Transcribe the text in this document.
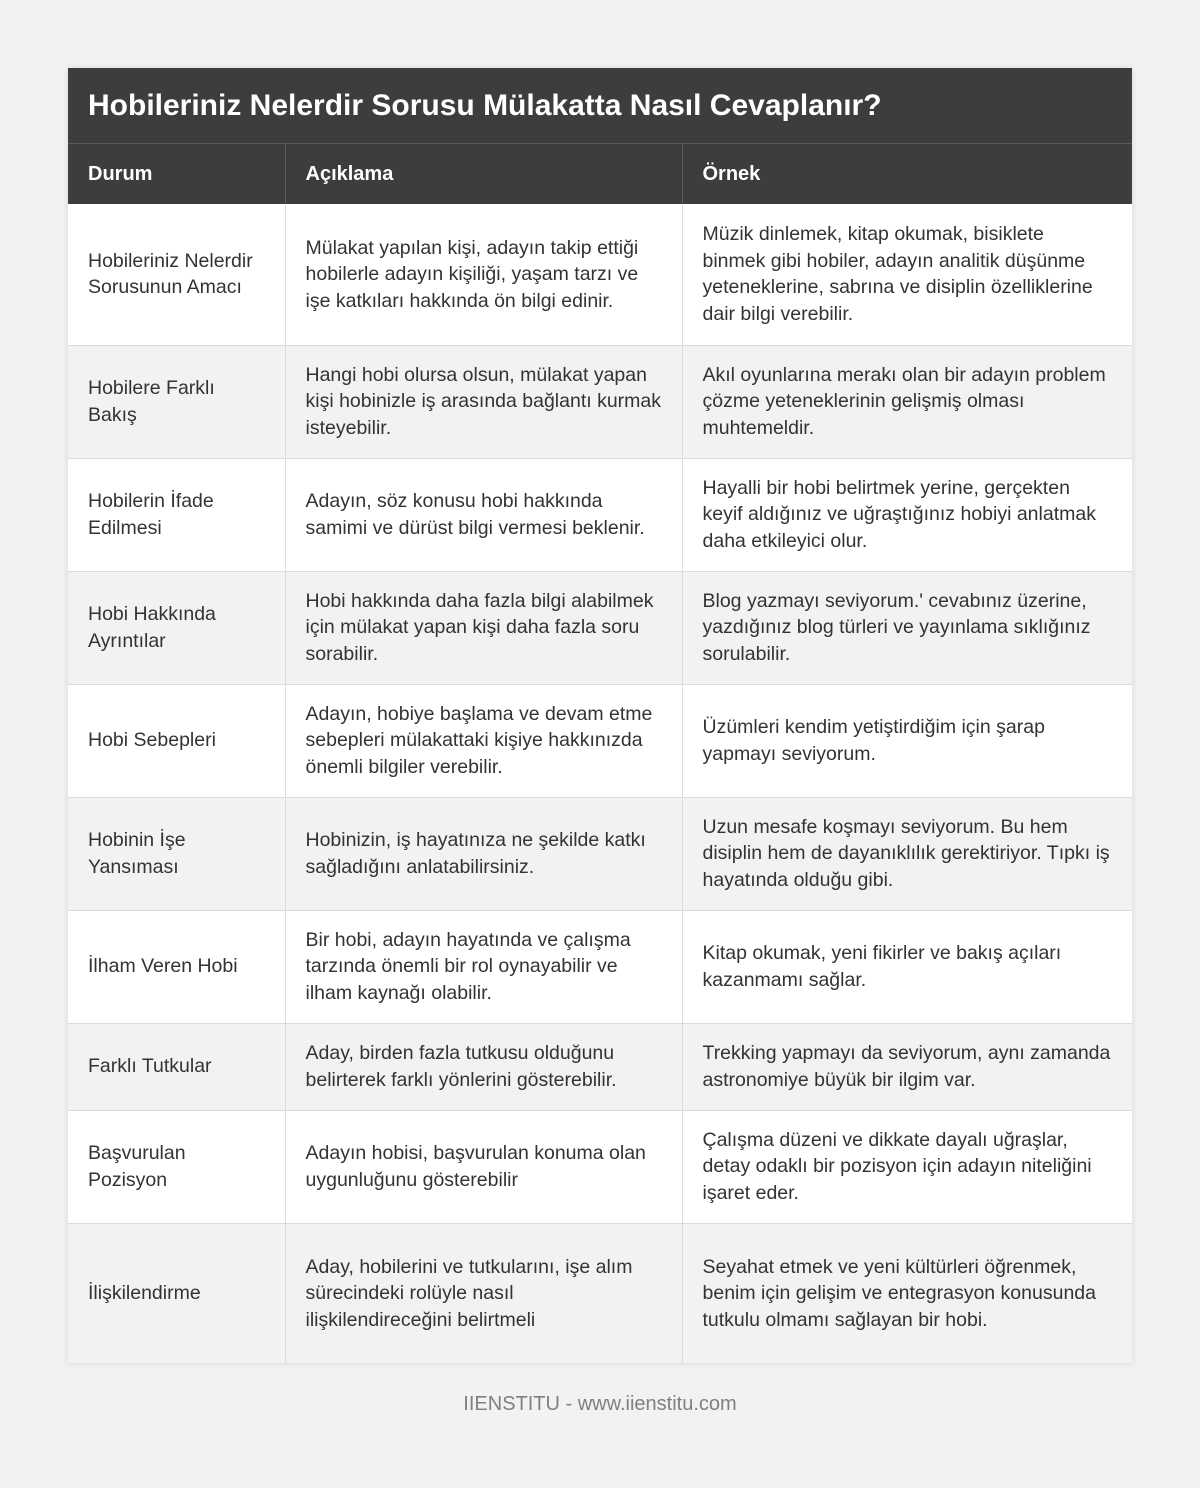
Hobileriniz Nelerdir Sorusu Mülakatta Nasıl Cevaplanır?
Durum	Açıklama	Örnek
Hobileriniz Nelerdir Sorusunun Amacı	Mülakat yapılan kişi, adayın takip ettiği hobilerle adayın kişiliği, yaşam tarzı ve işe katkıları hakkında ön bilgi edinir.	Müzik dinlemek, kitap okumak, bisiklete binmek gibi hobiler, adayın analitik düşünme yeteneklerine, sabrına ve disiplin özelliklerine dair bilgi verebilir.
Hobilere Farklı Bakış	Hangi hobi olursa olsun, mülakat yapan kişi hobinizle iş arasında bağlantı kurmak isteyebilir.	Akıl oyunlarına merakı olan bir adayın problem çözme yeteneklerinin gelişmiş olması muhtemeldir.
Hobilerin İfade Edilmesi	Adayın, söz konusu hobi hakkında samimi ve dürüst bilgi vermesi beklenir.	Hayalli bir hobi belirtmek yerine, gerçekten keyif aldığınız ve uğraştığınız hobiyi anlatmak daha etkileyici olur.
Hobi Hakkında Ayrıntılar	Hobi hakkında daha fazla bilgi alabilmek için mülakat yapan kişi daha fazla soru sorabilir.	Blog yazmayı seviyorum.' cevabınız üzerine, yazdığınız blog türleri ve yayınlama sıklığınız sorulabilir.
Hobi Sebepleri	Adayın, hobiye başlama ve devam etme sebepleri mülakattaki kişiye hakkınızda önemli bilgiler verebilir.	Üzümleri kendim yetiştirdiğim için şarap yapmayı seviyorum.
Hobinin İşe Yansıması	Hobinizin, iş hayatınıza ne şekilde katkı sağladığını anlatabilirsiniz.	Uzun mesafe koşmayı seviyorum. Bu hem disiplin hem de dayanıklılık gerektiriyor. Tıpkı iş hayatında olduğu gibi.
İlham Veren Hobi	Bir hobi, adayın hayatında ve çalışma tarzında önemli bir rol oynayabilir ve ilham kaynağı olabilir.	Kitap okumak, yeni fikirler ve bakış açıları kazanmamı sağlar.
Farklı Tutkular	Aday, birden fazla tutkusu olduğunu belirterek farklı yönlerini gösterebilir.	Trekking yapmayı da seviyorum, aynı zamanda astronomiye büyük bir ilgim var.
Başvurulan Pozisyon	Adayın hobisi, başvurulan konuma olan uygunluğunu gösterebilir	Çalışma düzeni ve dikkate dayalı uğraşlar, detay odaklı bir pozisyon için adayın niteliğini işaret eder.
İlişkilendirme	Aday, hobilerini ve tutkularını, işe alım sürecindeki rolüyle nasıl ilişkilendireceğini belirtmeli	Seyahat etmek ve yeni kültürleri öğrenmek, benim için gelişim ve entegrasyon konusunda tutkulu olmamı sağlayan bir hobi.
IIENSTITU - www.iienstitu.com
